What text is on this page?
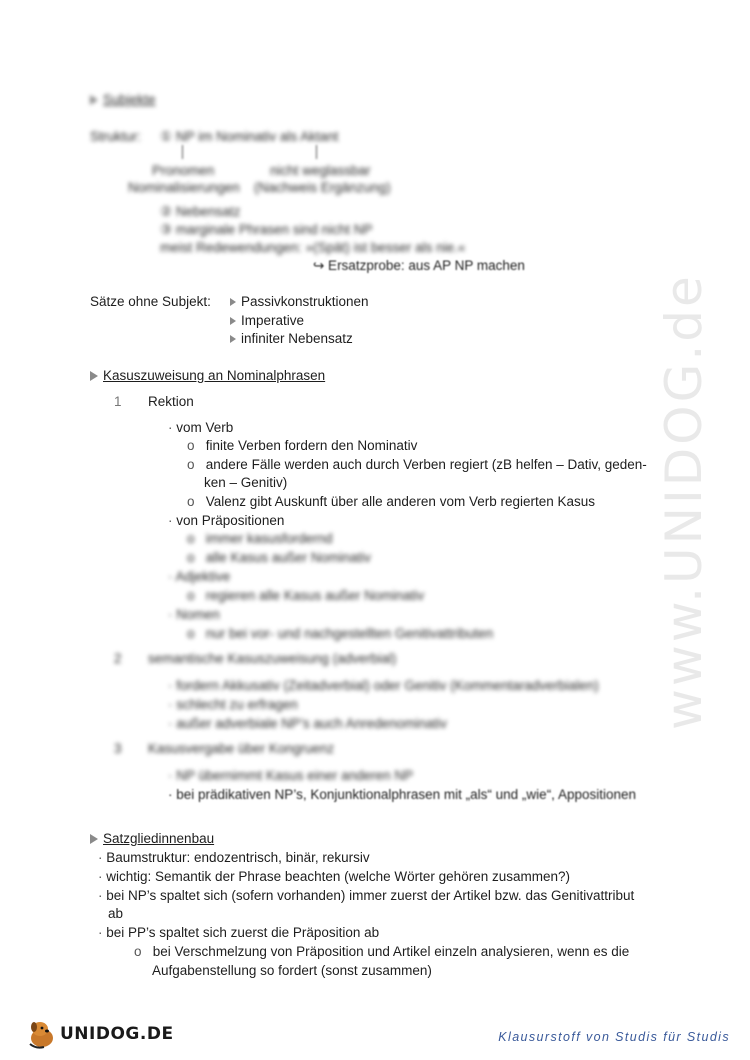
www.UNIDOG.de
Subjekte
Struktur: ① NP im Nominativ als Aktant
Pronomen	nicht weglassbar
Nominalisierungen (Nachweis Ergänzung)
② Nebensatz
③ marginale Phrasen sind nicht NP
meist Redewendungen: »(Spät) ist besser als nie.«
↪ Ersatzprobe: aus AP NP machen
Sätze ohne Subjekt:	Passivkonstruktionen
Imperative
infiniter Nebensatz
Kasuszuweisung an Nominalphrasen
1 Rektion
· vom Verb
o finite Verben fordern den Nominativ
o andere Fälle werden auch durch Verben regiert (zB helfen – Dativ, geden-
ken – Genitiv)
o Valenz gibt Auskunft über alle anderen vom Verb regierten Kasus
· von Präpositionen
o   immer kasusfordernd
o   alle Kasus außer Nominativ
· Adjektive
o   regieren alle Kasus außer Nominativ
· Nomen
o   nur bei vor- und nachgestellten Genitivattributen
2 semantische Kasuszuweisung (adverbial)
· fordern Akkusativ (Zeitadverbial) oder Genitiv (Kommentaradverbialen)
· schlecht zu erfragen
· außer adverbiale NP’s auch Anredenominativ
3 Kasusvergabe über Kongruenz
· NP übernimmt Kasus einer anderen NP
· bei prädikativen NP’s, Konjunktionalphrasen mit „als“ und „wie“, Appositionen
Satzgliedinnenbau
· Baumstruktur: endozentrisch, binär, rekursiv
· wichtig: Semantik der Phrase beachten (welche Wörter gehören zusammen?)
· bei NP’s spaltet sich (sofern vorhanden) immer zuerst der Artikel bzw. das Genitivattribut
ab
· bei PP’s spaltet sich zuerst die Präposition ab
o bei Verschmelzung von Präposition und Artikel einzeln analysieren, wenn es die
Aufgabenstellung so fordert (sonst zusammen)
UNIDOG.DE	Klausurstoff von Studis für Studis
